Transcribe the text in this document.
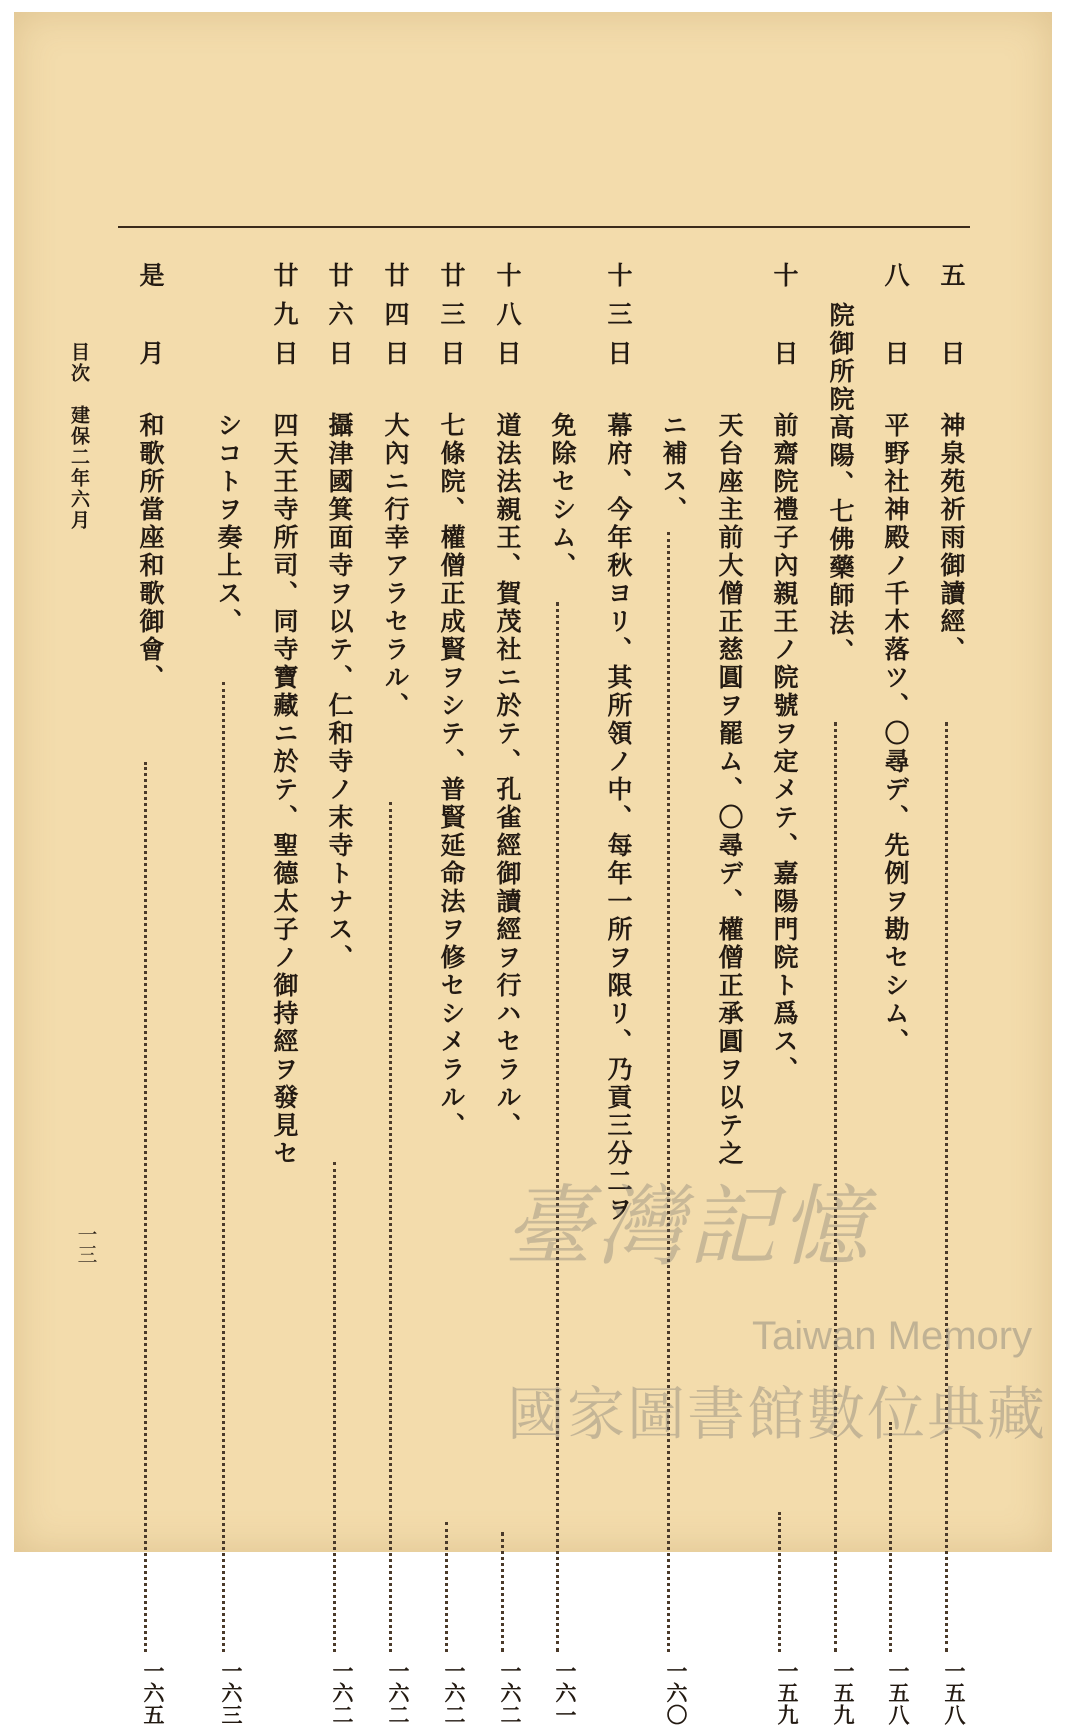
五　日
神泉苑祈雨御讀經、
一五八
八　日
平野社神殿ノ千木落ツ、〇尋デ、先例ヲ勘セシム、
一五八
院御所院高陽、七佛藥師法、
一五九
十　日
前齋院禮子內親王ノ院號ヲ定メテ、嘉陽門院ト爲ス、
一五九
天台座主前大僧正慈圓ヲ罷ム、〇尋デ、權僧正承圓ヲ以テ之
ニ補ス、
一六〇
十三日
幕府、今年秋ヨリ、其所領ノ中、每年一所ヲ限リ、乃貢三分二ヲ
免除セシム、
一六一
十八日
道法法親王、賀茂社ニ於テ、孔雀經御讀經ヲ行ハセラル、
一六二
廿三日
七條院、權僧正成賢ヲシテ、普賢延命法ヲ修セシメラル、
一六二
廿四日
大內ニ行幸アラセラル、
一六二
廿六日
攝津國箕面寺ヲ以テ、仁和寺ノ末寺トナス、
一六二
廿九日
四天王寺所司、同寺寶藏ニ於テ、聖德太子ノ御持經ヲ發見セ
シコトヲ奏上ス、
一六三
是　月
和歌所當座和歌御會、
一六五
目次　建保二年六月
一三	臺灣記憶
Taiwan Memory
國家圖書館數位典藏
